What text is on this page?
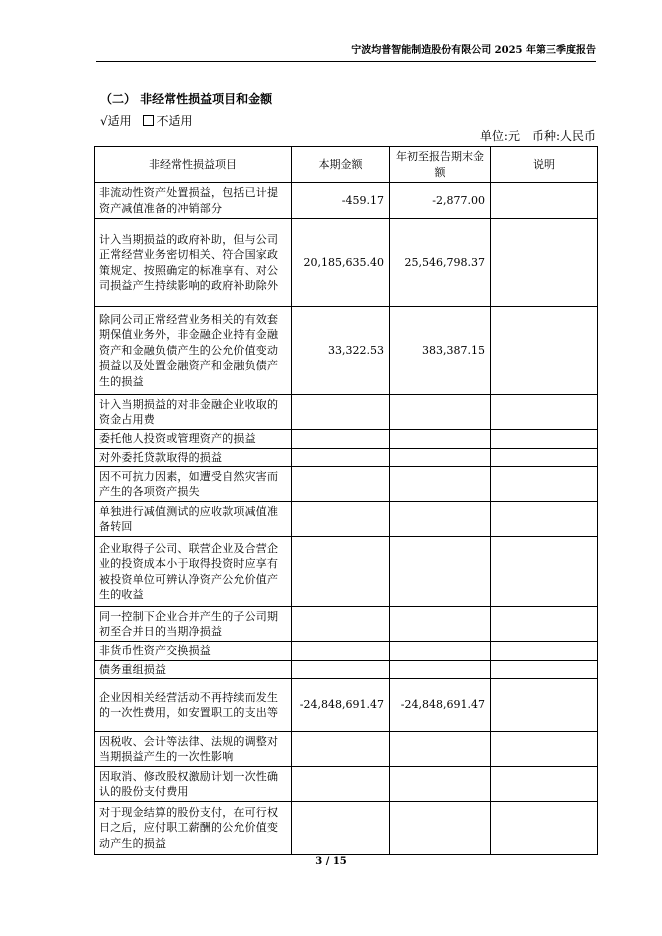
宁波均普智能制造股份有限公司 2025 年第三季度报告
（二） 非经常性损益项目和金额
√适用 不适用
单位:元 币种:人民币
非经常性损益项目	本期金额	年初至报告期末金额	说明
非流动性资产处置损益，包括已计提资产减值准备的冲销部分	-459.17	-2,877.00	
计入当期损益的政府补助，但与公司正常经营业务密切相关、符合国家政策规定、按照确定的标准享有、对公司损益产生持续影响的政府补助除外	20,185,635.40	25,546,798.37	
除同公司正常经营业务相关的有效套期保值业务外，非金融企业持有金融资产和金融负债产生的公允价值变动损益以及处置金融资产和金融负债产生的损益	33,322.53	383,387.15	
计入当期损益的对非金融企业收取的资金占用费			
委托他人投资或管理资产的损益			
对外委托贷款取得的损益			
因不可抗力因素，如遭受自然灾害而产生的各项资产损失			
单独进行减值测试的应收款项减值准备转回			
企业取得子公司、联营企业及合营企业的投资成本小于取得投资时应享有被投资单位可辨认净资产公允价值产生的收益			
同一控制下企业合并产生的子公司期初至合并日的当期净损益			
非货币性资产交换损益			
债务重组损益			
企业因相关经营活动不再持续而发生的一次性费用，如安置职工的支出等	-24,848,691.47	-24,848,691.47	
因税收、会计等法律、法规的调整对当期损益产生的一次性影响			
因取消、修改股权激励计划一次性确认的股份支付费用			
对于现金结算的股份支付，在可行权日之后，应付职工薪酬的公允价值变动产生的损益			
3 / 15
